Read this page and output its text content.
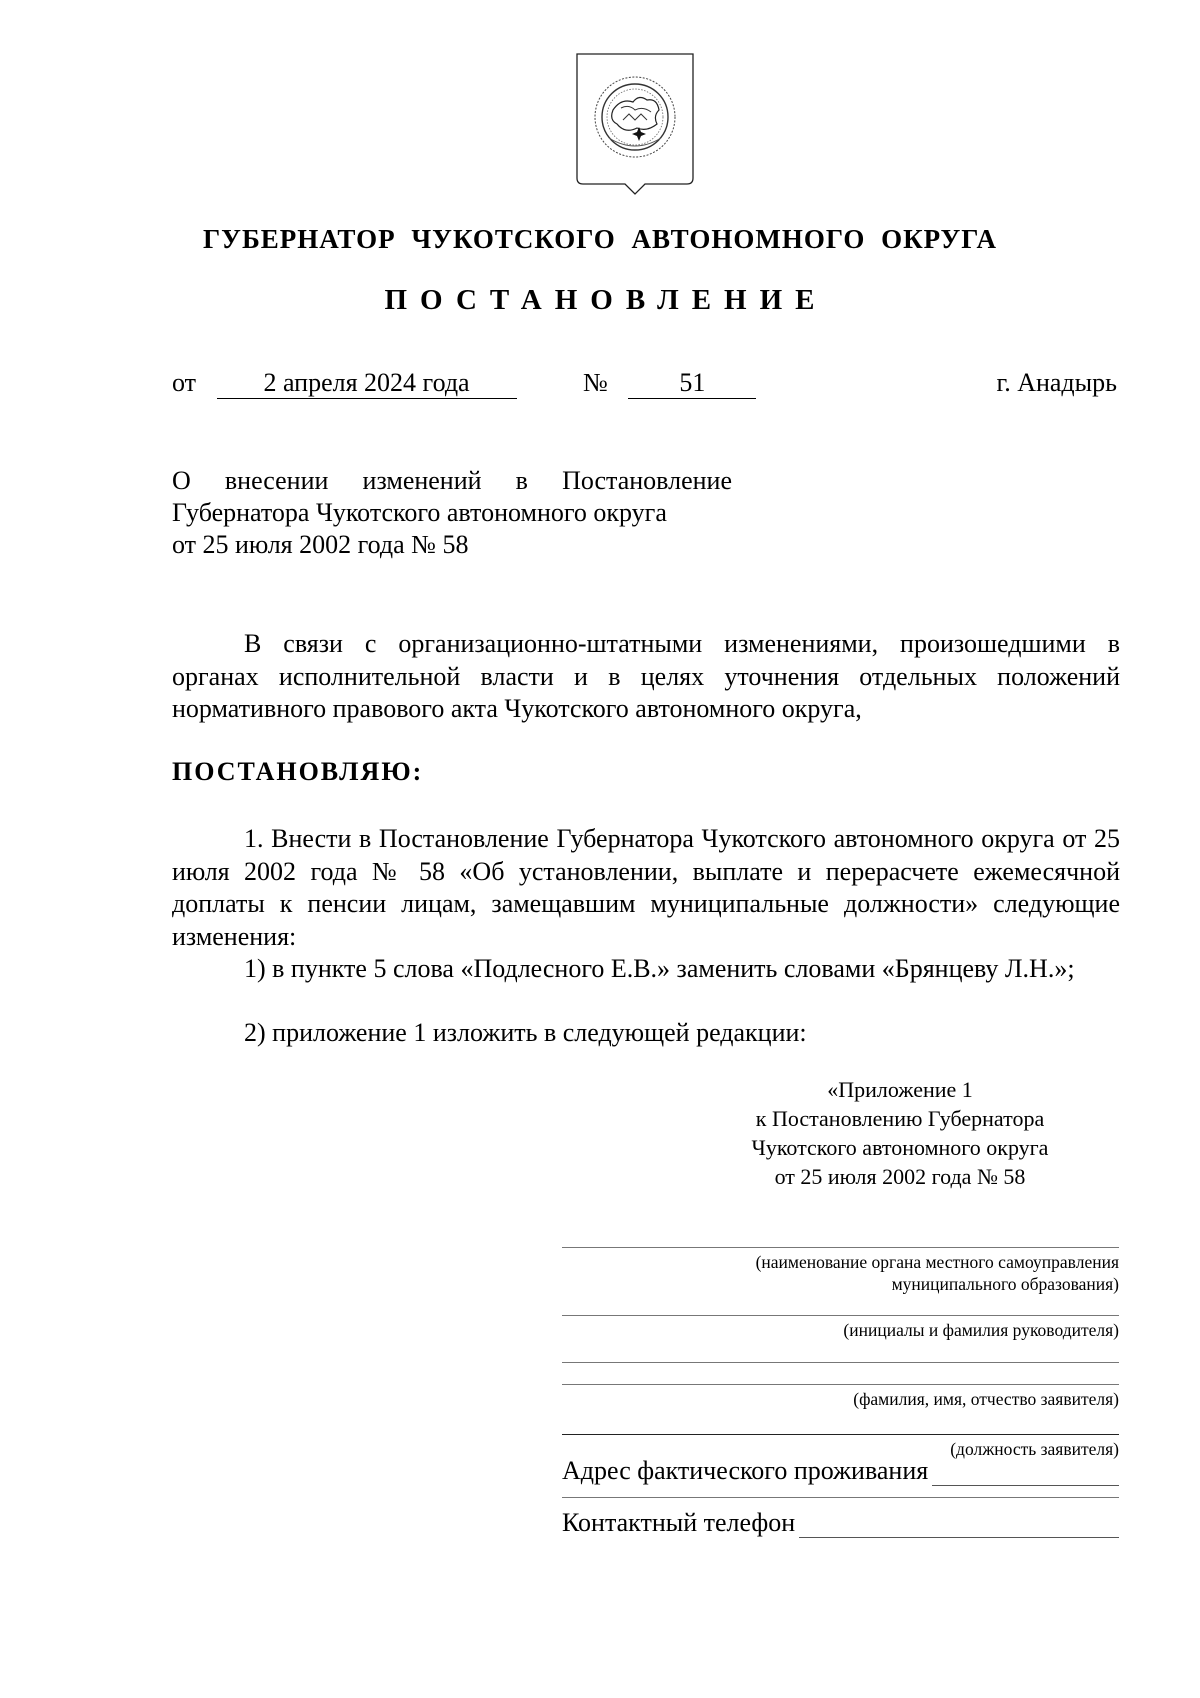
ГУБЕРНАТОР ЧУКОТСКОГО АВТОНОМНОГО ОКРУГА
ПОСТАНОВЛЕНИЕ
от	2 апреля 2024 года	№	51	г. Анадырь
О внесении изменений в Постановление Губернатора Чукотского автономного округа
от 25 июля 2002 года № 58
В связи с организационно-штатными изменениями, произошедшими в органах исполнительной власти и в целях уточнения отдельных положений нормативного правового акта Чукотского автономного округа,
ПОСТАНОВЛЯЮ:
1. Внести в Постановление Губернатора Чукотского автономного округа от 25 июля 2002 года № 58 «Об установлении, выплате и перерасчете ежемесячной доплаты к пенсии лицам, замещавшим муниципальные должности» следующие изменения:
1) в пункте 5 слова «Подлесного Е.В.» заменить словами «Брянцеву Л.Н.»;
2) приложение 1 изложить в следующей редакции:
«Приложение 1
к Постановлению Губернатора
Чукотского автономного округа
от 25 июля 2002 года № 58
(наименование органа местного самоуправления
муниципального образования)
(инициалы и фамилия руководителя)
(фамилия, имя, отчество заявителя)
(должность заявителя)
Адрес фактического проживания
Контактный телефон
